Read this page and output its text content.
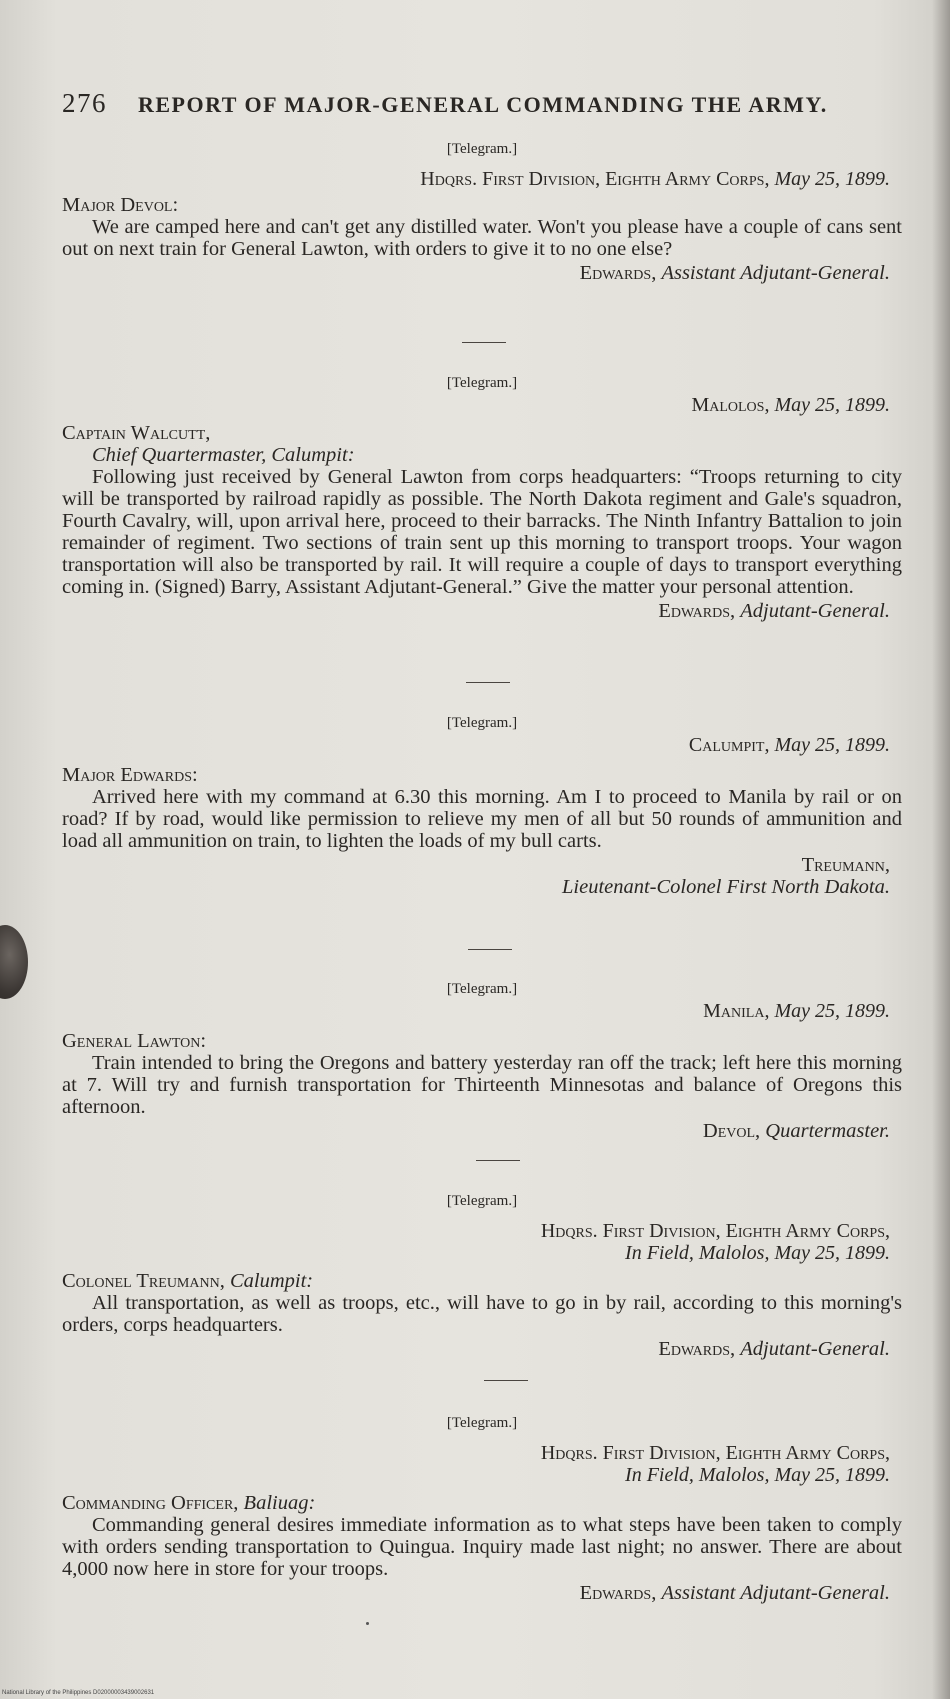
276 REPORT OF MAJOR-GENERAL COMMANDING THE ARMY.
[Telegram.]
Hdqrs. First Division, Eighth Army Corps, May 25, 1899.
Major Devol:
We are camped here and can't get any distilled water. Won't you please have a couple of cans sent out on next train for General Lawton, with orders to give it to no one else?
Edwards, Assistant Adjutant-General.
[Telegram.]
Malolos, May 25, 1899.
Captain Walcutt,
Chief Quartermaster, Calumpit:
Following just received by General Lawton from corps headquarters: “Troops returning to city will be transported by railroad rapidly as possible. The North Dakota regiment and Gale's squadron, Fourth Cavalry, will, upon arrival here, proceed to their barracks. The Ninth Infantry Battalion to join remainder of regiment. Two sections of train sent up this morning to transport troops. Your wagon transportation will also be transported by rail. It will require a couple of days to transport everything coming in. (Signed) Barry, Assistant Adjutant-General.” Give the matter your personal attention.
Edwards, Adjutant-General.
[Telegram.]
Calumpit, May 25, 1899.
Major Edwards:
Arrived here with my command at 6.30 this morning. Am I to proceed to Manila by rail or on road? If by road, would like permission to relieve my men of all but 50 rounds of ammunition and load all ammunition on train, to lighten the loads of my bull carts.
Treumann,
Lieutenant-Colonel First North Dakota.
[Telegram.]
Manila, May 25, 1899.
General Lawton:
Train intended to bring the Oregons and battery yesterday ran off the track; left here this morning at 7. Will try and furnish transportation for Thirteenth Minnesotas and balance of Oregons this afternoon.
Devol, Quartermaster.
[Telegram.]
Hdqrs. First Division, Eighth Army Corps,
In Field, Malolos, May 25, 1899.
Colonel Treumann, Calumpit:
All transportation, as well as troops, etc., will have to go in by rail, according to this morning's orders, corps headquarters.
Edwards, Adjutant-General.
[Telegram.]
Hdqrs. First Division, Eighth Army Corps,
In Field, Malolos, May 25, 1899.
Commanding Officer, Baliuag:
Commanding general desires immediate information as to what steps have been taken to comply with orders sending transportation to Quingua. Inquiry made last night; no answer. There are about 4,000 now here in store for your troops.
Edwards, Assistant Adjutant-General.
National Library of the Philippines D02000003439002631
